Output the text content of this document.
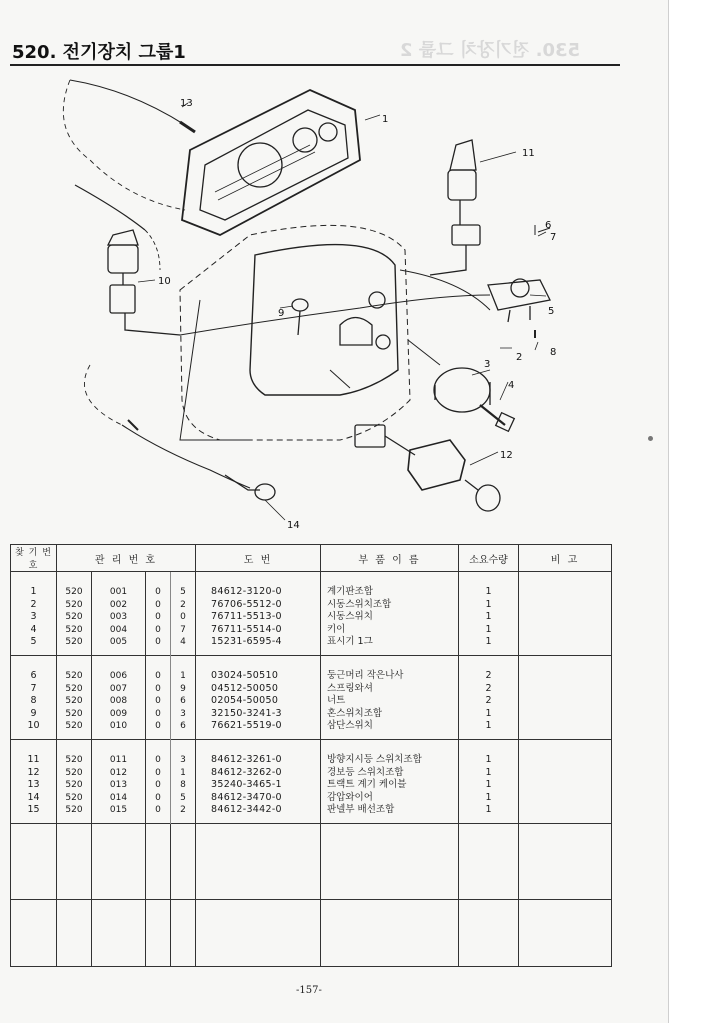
530. 전기장치 그룹 2
520. 전기장치 그룹1
1
2
3
4
5
6
7
8
9
10
11
12
13
14
찾 기 번 호	관 리 번 호				도 번	부 품 이 름	소요수량	비 고
1	520	001	0	5	84612-3120-0	계기판조합	1	
2	520	002	0	2	76706-5512-0	시동스위치조합	1	
3	520	003	0	0	76711-5513-0	시동스위치	1	
4	520	004	0	7	76711-5514-0	키이	1	
5	520	005	0	4	15231-6595-4	표시기 1그	1	
6	520	006	0	1	03024-50510	둥근머리 작은나사	2	
7	520	007	0	9	04512-50050	스프링와셔	2	
8	520	008	0	6	02054-50050	너트	2	
9	520	009	0	3	32150-3241-3	혼스위치조합	1	
10	520	010	0	6	76621-5519-0	삼단스위치	1	
11	520	011	0	3	84612-3261-0	방향지시등 스위치조합	1	
12	520	012	0	1	84612-3262-0	경보등 스위치조합	1	
13	520	013	0	8	35240-3465-1	트랙트 계기 케이블	1	
14	520	014	0	5	84612-3470-0	감압와이어	1	
15	520	015	0	2	84612-3442-0	판넬부 배선조합	1	

-157-
